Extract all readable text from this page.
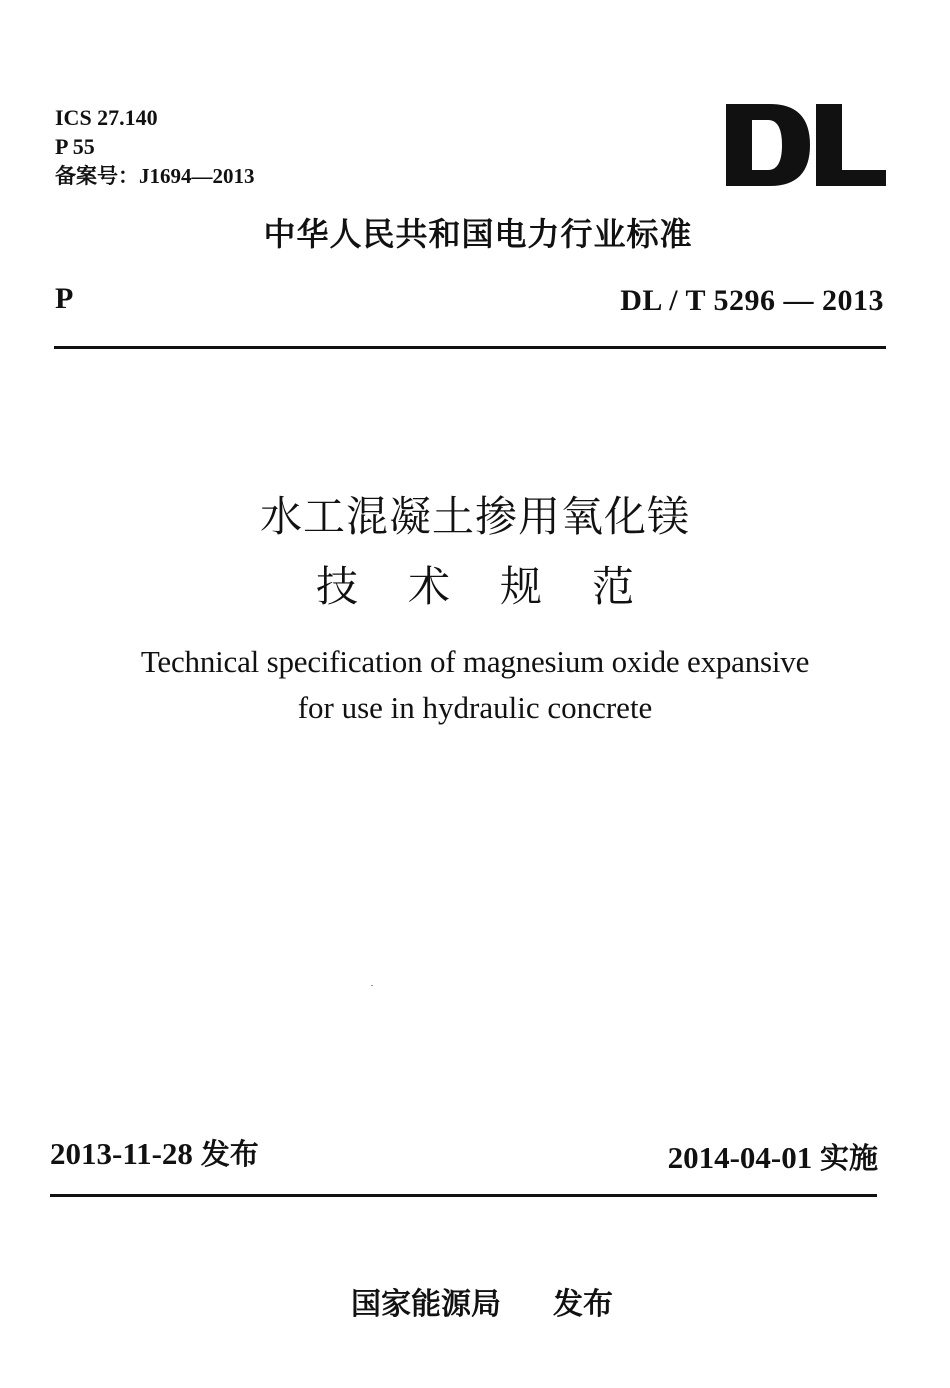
ICS 27.140
P 55
备案号：J1694—2013
中华人民共和国电力行业标准
P	DL / T 5296 — 2013
水工混凝土掺用氧化镁
技术规范
Technical specification of magnesium oxide expansive
for use in hydraulic concrete
2013-11-28 发布	2014-04-01 实施
国家能源局 发布
